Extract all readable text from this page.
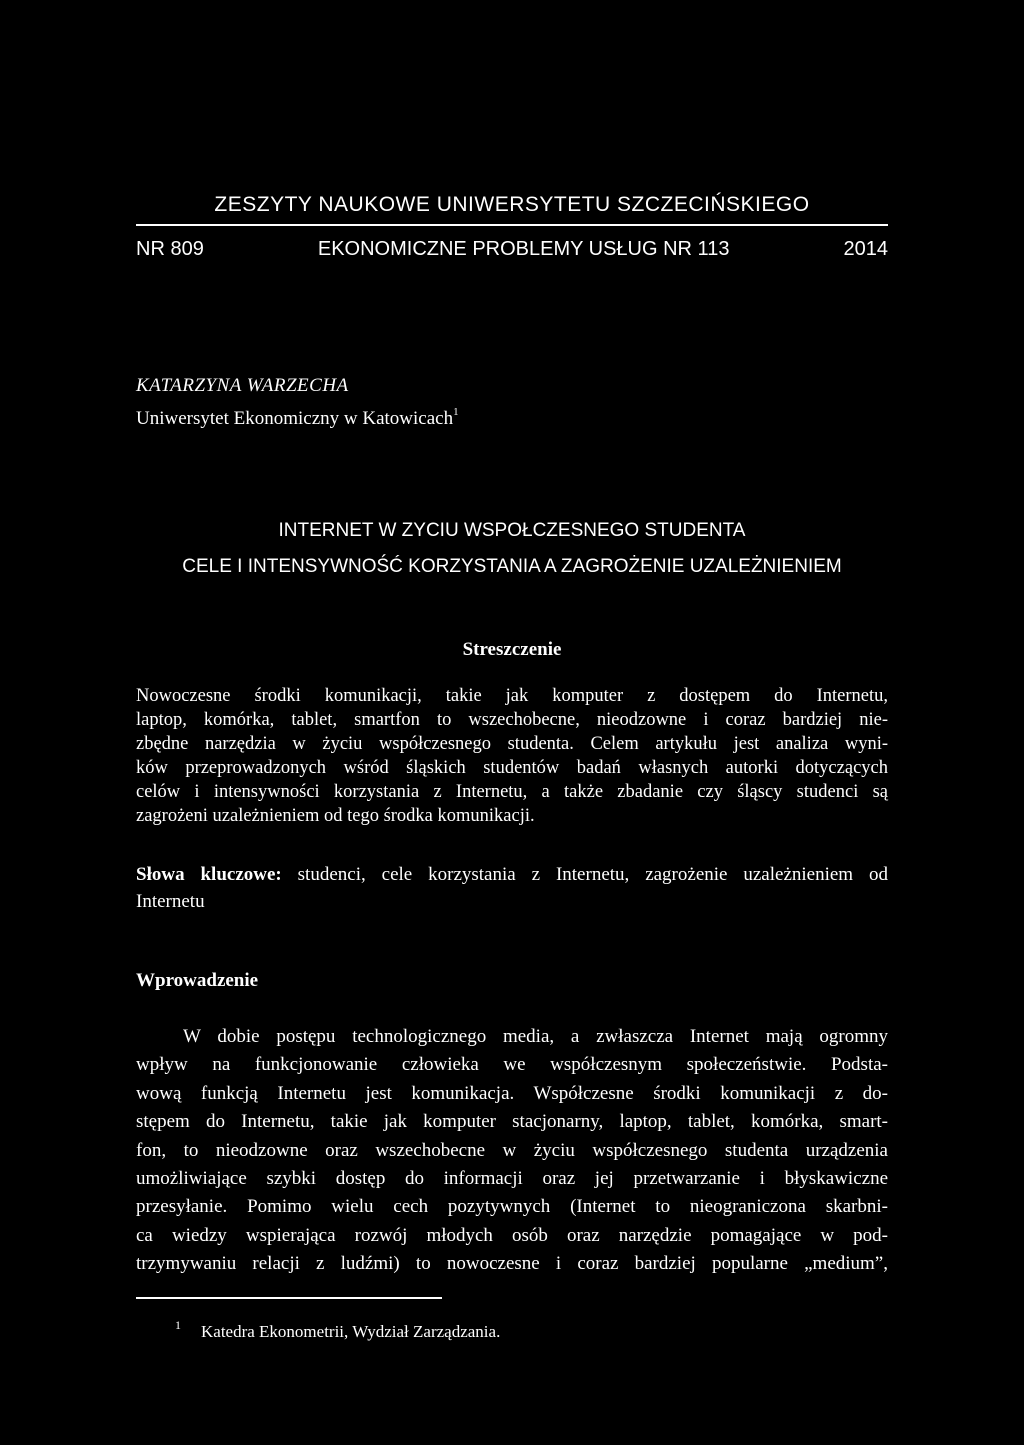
ZESZYTY NAUKOWE UNIWERSYTETU SZCZECIŃSKIEGO
NR 809	EKONOMICZNE PROBLEMY USŁUG NR 113	2014
KATARZYNA WARZECHA
Uniwersytet Ekonomiczny w Katowicach$^1$
INTERNET W ZYCIU WSPOŁCZESNEGO STUDENTA
CELE I INTENSYWNOŚĆ KORZYSTANIA A ZAGROŻENIE UZALEŻNIENIEM
Streszczenie

Nowoczesne środki komunikacji, takie jak komputer z dostępem do Internetu,

laptop, komórka, tablet, smartfon to wszechobecne, nieodzowne i coraz bardziej nie-

zbędne narzędzia w życiu współczesnego studenta. Celem artykułu jest analiza wyni-

ków przeprowadzonych wśród śląskich studentów badań własnych autorki dotyczących

celów i intensywności korzystania z Internetu, a także zbadanie czy śląscy studenci są

zagrożeni uzależnieniem od tego środka komunikacji.

Słowa kluczowe: studenci, cele korzystania z Internetu, zagrożenie uzależnieniem od

Internetu

Wprowadzenie

W dobie postępu technologicznego media, a zwłaszcza Internet mają ogromny

wpływ na funkcjonowanie człowieka we współczesnym społeczeństwie. Podsta-

wową funkcją Internetu jest komunikacja. Współczesne środki komunikacji z do-

stępem do Internetu, takie jak komputer stacjonarny, laptop, tablet, komórka, smart-

fon, to nieodzowne oraz wszechobecne w życiu współczesnego studenta urządzenia

umożliwiające szybki dostęp do informacji oraz jej przetwarzanie i błyskawiczne

przesyłanie. Pomimo wielu cech pozytywnych (Internet to nieograniczona skarbni-

ca wiedzy wspierająca rozwój młodych osób oraz narzędzie pomagające w pod-

trzymywaniu relacji z ludźmi) to nowoczesne i coraz bardziej popularne „medium”,

1 Katedra Ekonometrii, Wydział Zarządzania.
